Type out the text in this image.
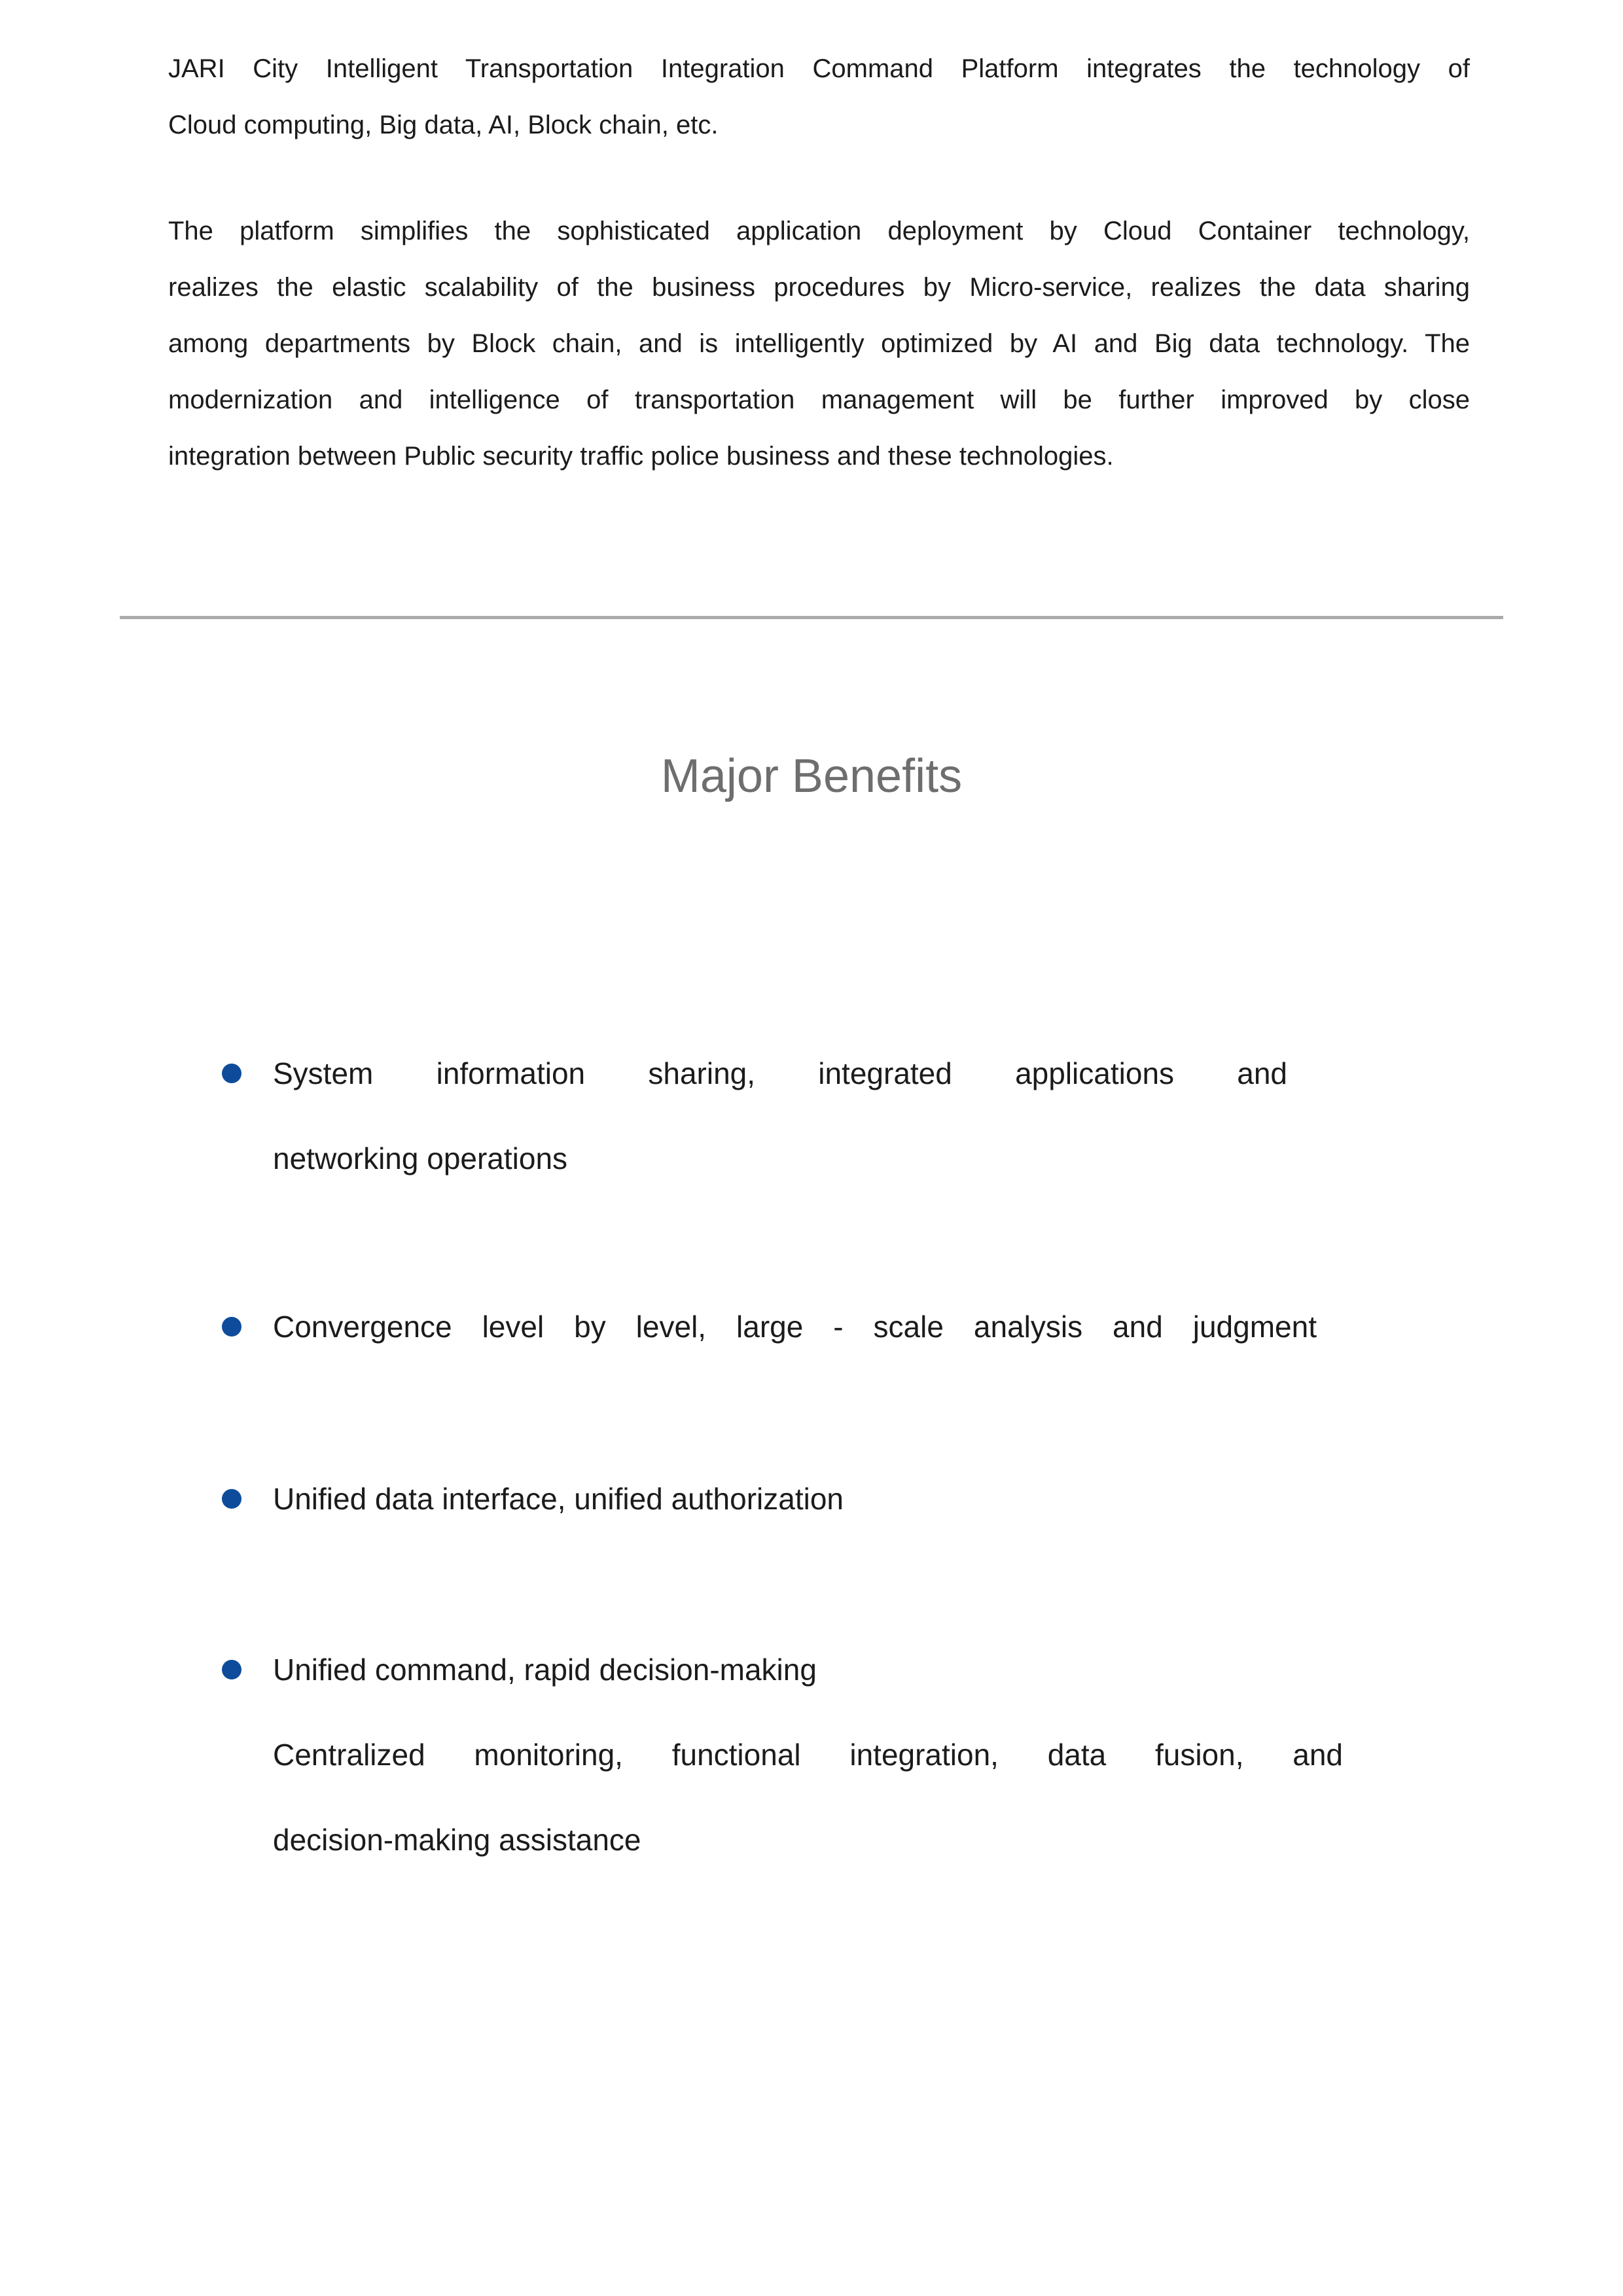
JARI City Intelligent Transportation Integration Command Platform integrates the technology of
Cloud computing, Big data, AI, Block chain, etc.
The platform simplifies the sophisticated application deployment by Cloud Container technology,
realizes the elastic scalability of the business procedures by Micro-service, realizes the data sharing
among departments by Block chain, and is intelligently optimized by AI and Big data technology. The
modernization and intelligence of transportation management will be further improved by close
integration between Public security traffic police business and these technologies.
Major Benefits
System information sharing, integrated applications and
networking operations
Convergence level by level, large - scale analysis and judgment
Unified data interface, unified authorization
Unified command, rapid decision-making
Centralized monitoring, functional integration, data fusion, and
decision-making assistance
